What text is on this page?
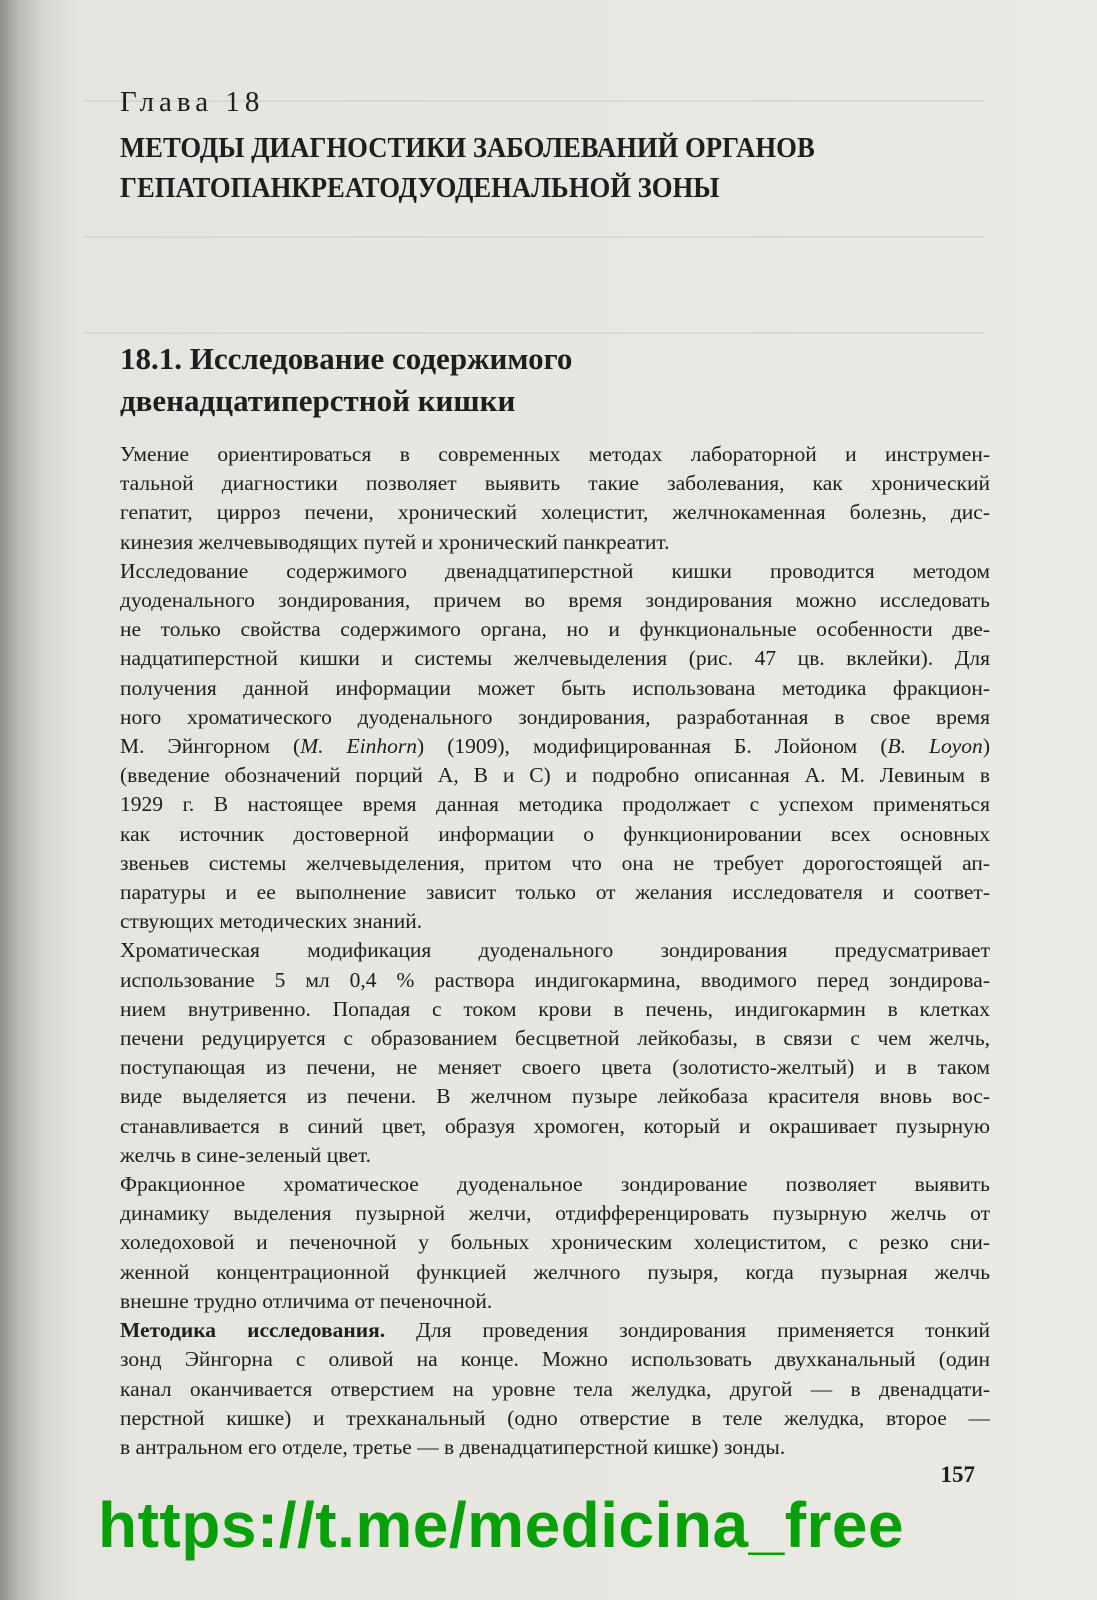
Глава 18
МЕТОДЫ ДИАГНОСТИКИ ЗАБОЛЕВАНИЙ ОРГАНОВ
ГЕПАТОПАНКРЕАТОДУОДЕНАЛЬНОЙ ЗОНЫ
18.1. Исследование содержимого
двенадцатиперстной кишки
Умение ориентироваться в современных методах лабораторной и инструмен-
тальной диагностики позволяет выявить такие заболевания, как хронический
гепатит, цирроз печени, хронический холецистит, желчнокаменная болезнь, дис-
кинезия желчевыводящих путей и хронический панкреатит.
Исследование содержимого двенадцатиперстной кишки проводится методом
дуоденального зондирования, причем во время зондирования можно исследовать
не только свойства содержимого органа, но и функциональные особенности две-
надцатиперстной кишки и системы желчевыделения (рис. 47 цв. вклейки). Для
получения данной информации может быть использована методика фракцион-
ного хроматического дуоденального зондирования, разработанная в свое время
М. Эйнгорном (M. Einhorn) (1909), модифицированная Б. Лойоном (B. Loyon)
(введение обозначений порций А, В и С) и подробно описанная А. М. Левиным в
1929 г. В настоящее время данная методика продолжает с успехом применяться
как источник достоверной информации о функционировании всех основных
звеньев системы желчевыделения, притом что она не требует дорогостоящей ап-
паратуры и ее выполнение зависит только от желания исследователя и соответ-
ствующих методических знаний.
Хроматическая модификация дуоденального зондирования предусматривает
использование 5 мл 0,4 % раствора индигокармина, вводимого перед зондирова-
нием внутривенно. Попадая с током крови в печень, индигокармин в клетках
печени редуцируется с образованием бесцветной лейкобазы, в связи с чем желчь,
поступающая из печени, не меняет своего цвета (золотисто-желтый) и в таком
виде выделяется из печени. В желчном пузыре лейкобаза красителя вновь вос-
станавливается в синий цвет, образуя хромоген, который и окрашивает пузырную
желчь в сине-зеленый цвет.
Фракционное хроматическое дуоденальное зондирование позволяет выявить
динамику выделения пузырной желчи, отдифференцировать пузырную желчь от
холедоховой и печеночной у больных хроническим холециститом, с резко сни-
женной концентрационной функцией желчного пузыря, когда пузырная желчь
внешне трудно отличима от печеночной.
Методика исследования. Для проведения зондирования применяется тонкий
зонд Эйнгорна с оливой на конце. Можно использовать двухканальный (один
канал оканчивается отверстием на уровне тела желудка, другой — в двенадцати-
перстной кишке) и трехканальный (одно отверстие в теле желудка, второе —
в антральном его отделе, третье — в двенадцатиперстной кишке) зонды.
157
https://t.me/medicina_free
